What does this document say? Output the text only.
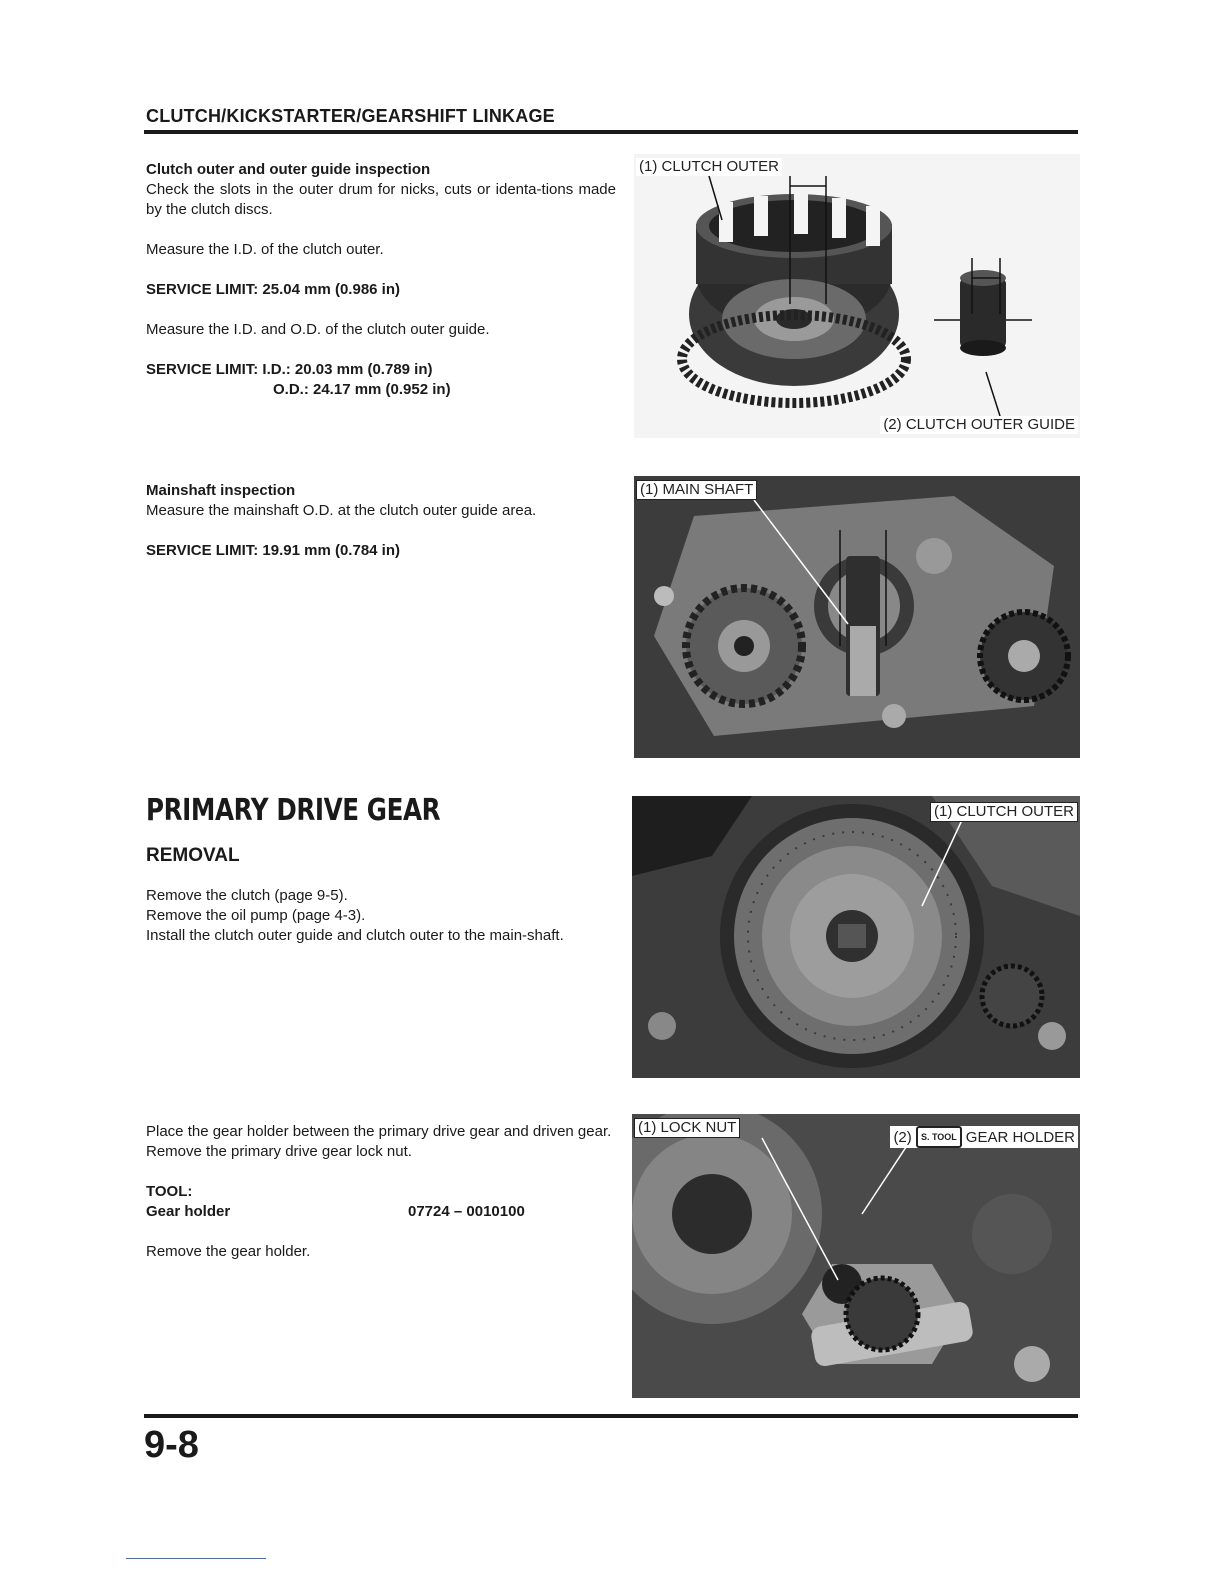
CLUTCH/KICKSTARTER/GEARSHIFT LINKAGE

Clutch outer and outer guide inspection

Check the slots in the outer drum for nicks, cuts or identa-tions made by the clutch discs.

Measure the I.D. of the clutch outer.

SERVICE LIMIT: 25.04 mm (0.986 in)

Measure the I.D. and O.D. of the clutch outer guide.

SERVICE LIMIT: I.D.: 20.03 mm (0.789 in)

O.D.: 24.17 mm (0.952 in)

Mainshaft inspection

Measure the mainshaft O.D. at the clutch outer guide area.

SERVICE LIMIT: 19.91 mm (0.784 in)

PRIMARY DRIVE GEAR
REMOVAL

Remove the clutch (page 9-5).

Remove the oil pump (page 4-3).

Install the clutch outer guide and clutch outer to the main-shaft.

Place the gear holder between the primary drive gear and driven gear.

Remove the primary drive gear lock nut.

TOOL:

Gear holder	07724 – 0010100

Remove the gear holder.

(1) CLUTCH OUTER
(2) CLUTCH OUTER GUIDE
(1) MAIN SHAFT
(1) CLUTCH OUTER
(1) LOCK NUT
(2) S. TOOL GEAR HOLDER
9-8
